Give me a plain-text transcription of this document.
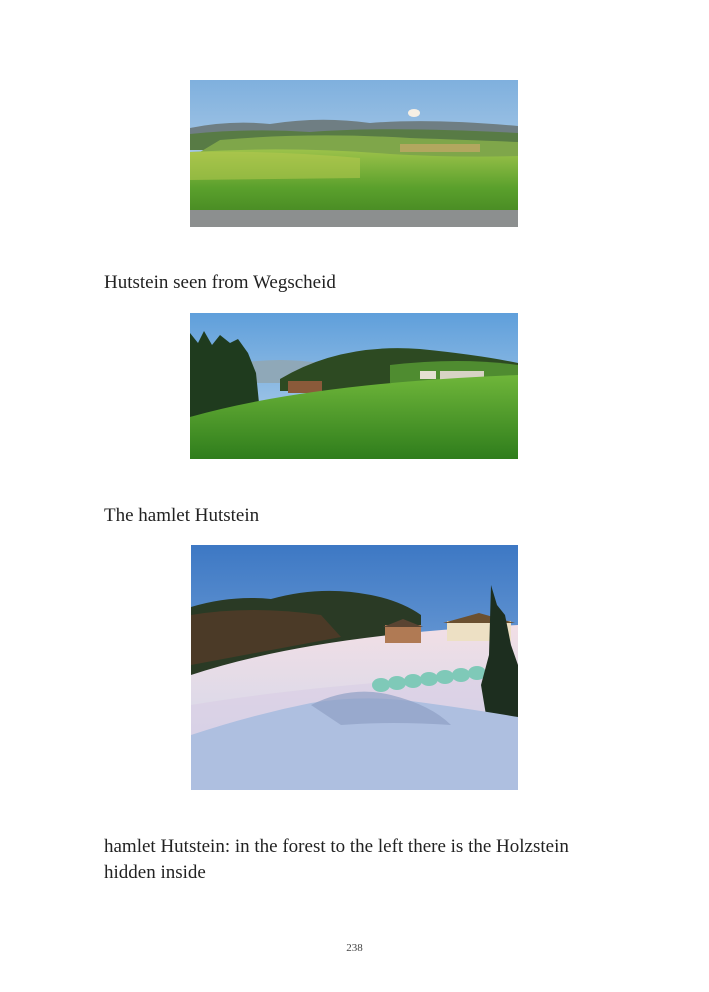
Hutstein seen from Wegscheid

The hamlet Hutstein

hamlet Hutstein: in the forest to the left there is the Holzstein hidden inside

238
